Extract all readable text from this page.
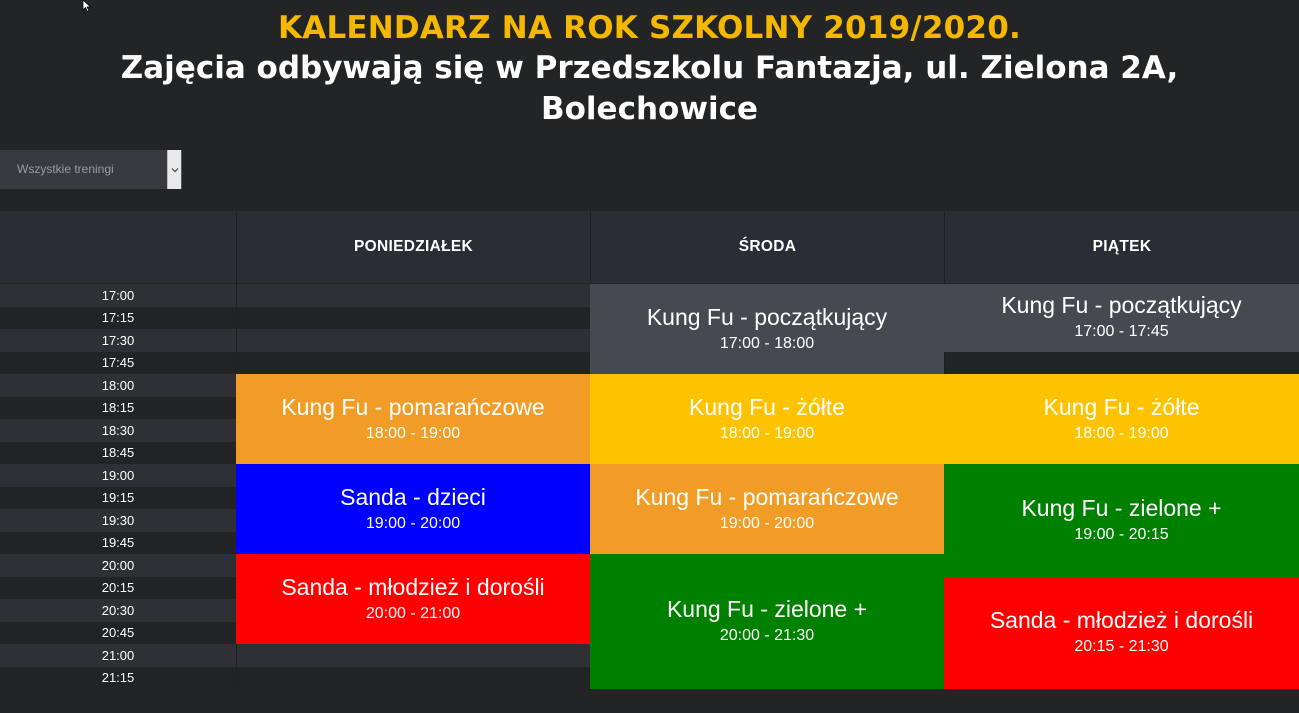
KALENDARZ NA ROK SZKOLNY 2019/2020.
Zajęcia odbywają się w Przedszkolu Fantazja, ul. Zielona 2A, Bolechowice
Wszystkie treningi
PONIEDZIAŁEK	ŚRODA	PIĄTEK
17:00
17:15
17:30
17:45
18:00
18:15
18:30
18:45
19:00
19:15
19:30
19:45
20:00
20:15
20:30
20:45
21:00
21:15
Kung Fu - pomarańczowe
18:00 - 19:00
Sanda - dzieci
19:00 - 20:00
Sanda - młodzież i dorośli
20:00 - 21:00
Kung Fu - początkujący
17:00 - 18:00
Kung Fu - żółte
18:00 - 19:00
Kung Fu - pomarańczowe
19:00 - 20:00
Kung Fu - zielone +
20:00 - 21:30
Kung Fu - początkujący
17:00 - 17:45
Kung Fu - żółte
18:00 - 19:00
Kung Fu - zielone +
19:00 - 20:15
Sanda - młodzież i dorośli
20:15 - 21:30
